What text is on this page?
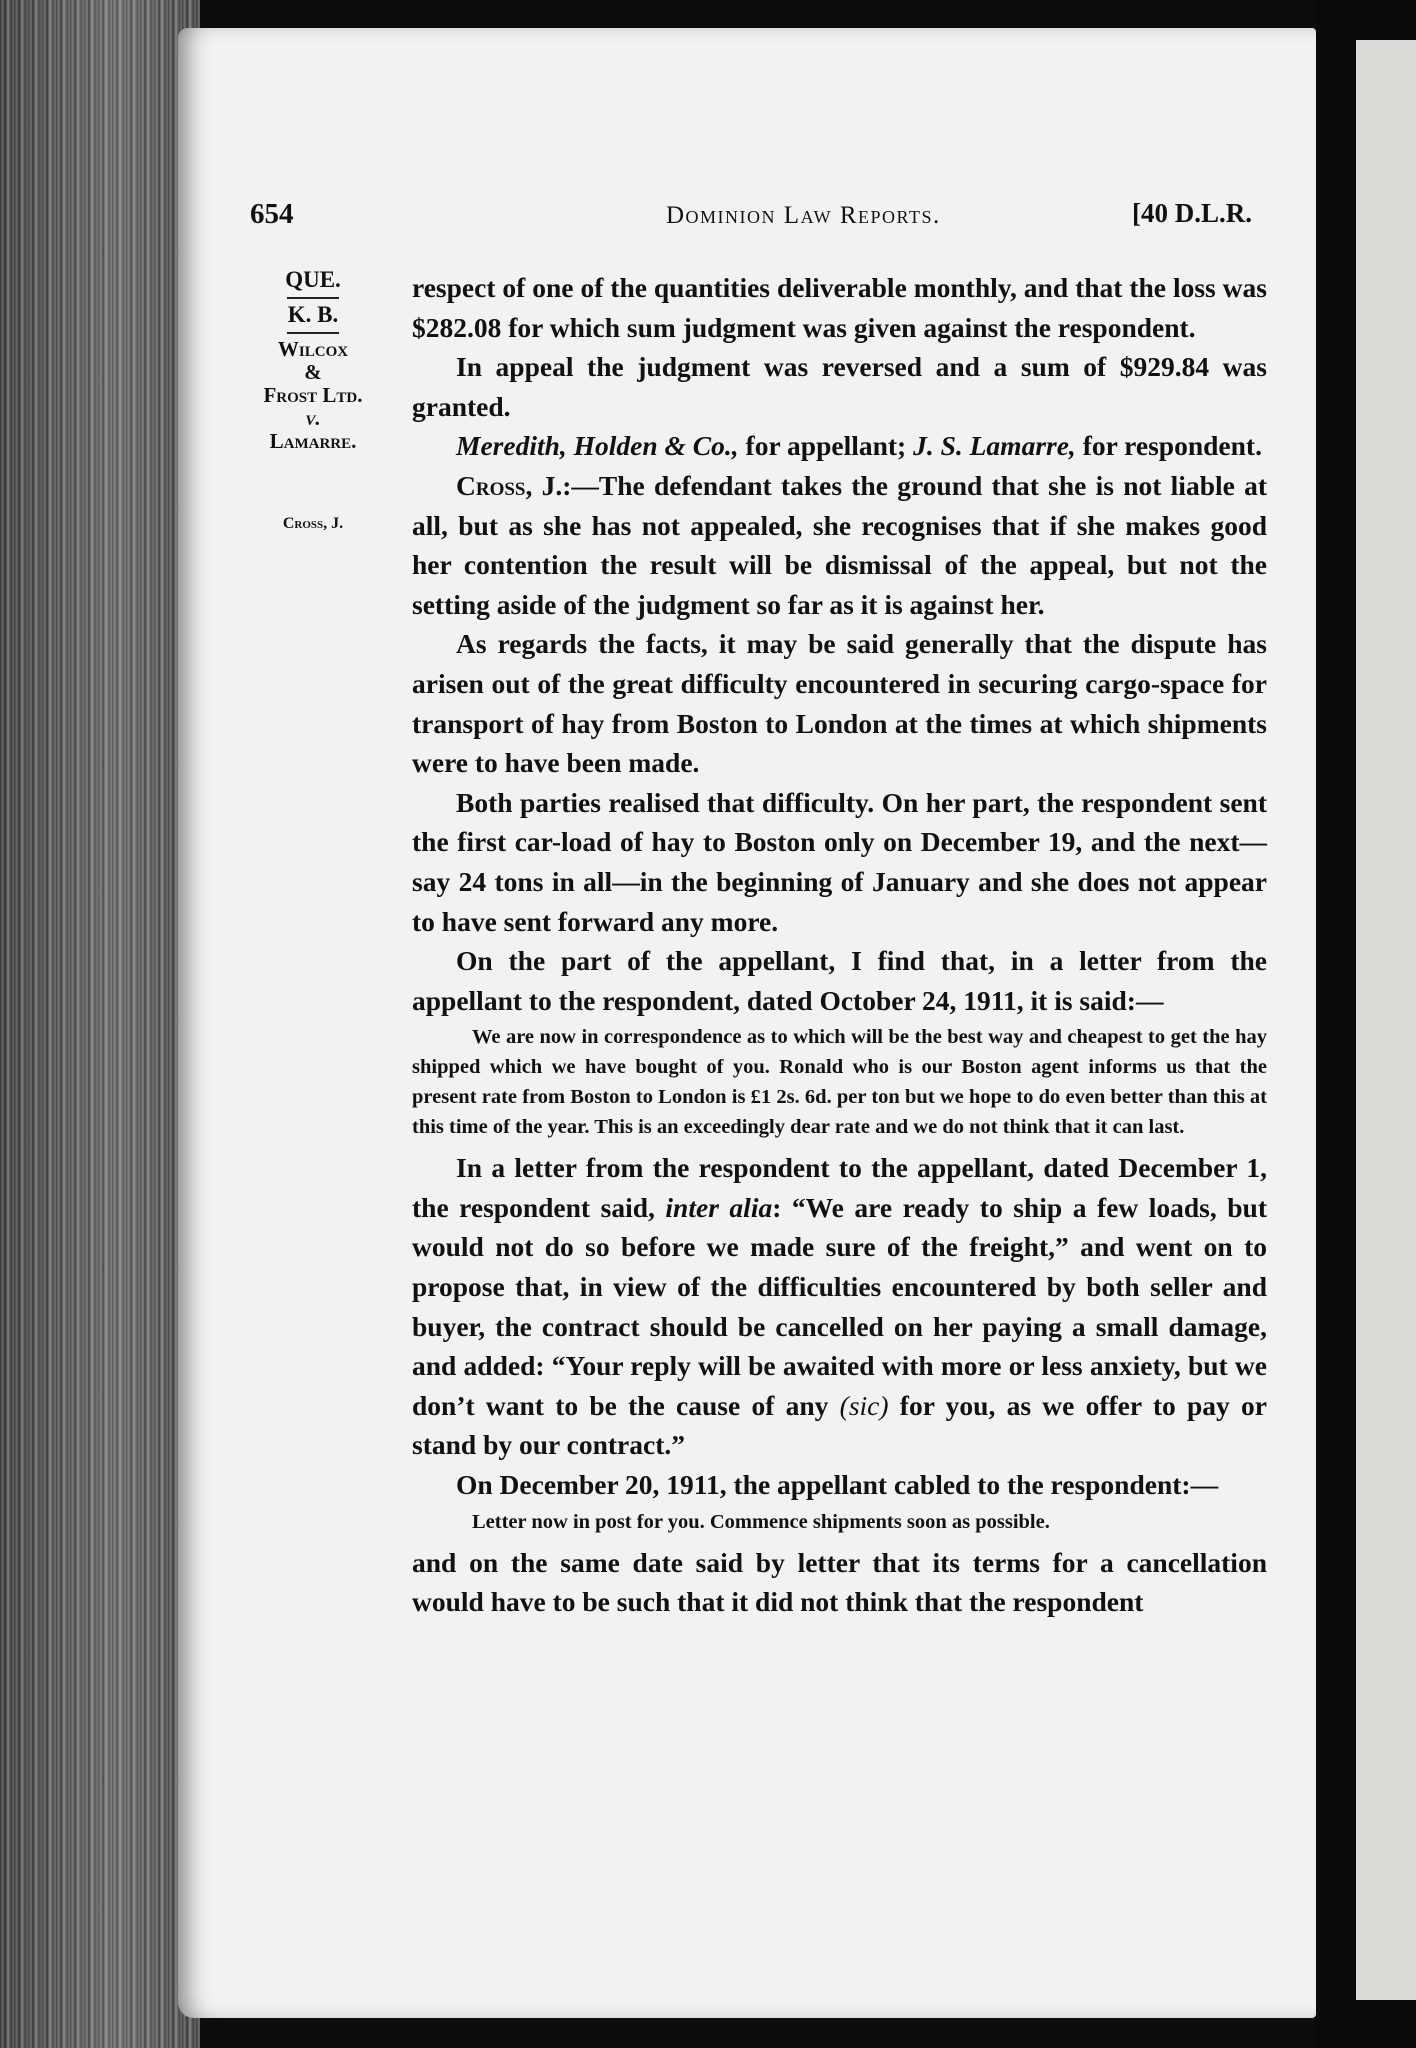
654	Dominion Law Reports.	[40 D.L.R.
QUE.
K. B.
Wilcox
&
Frost Ltd.
v.
Lamarre.
Cross, J.

respect of one of the quantities deliverable monthly, and that the loss was $282.08 for which sum judgment was given against the respondent.

In appeal the judgment was reversed and a sum of $929.84 was granted.

Meredith, Holden & Co., for appellant; J. S. Lamarre, for respondent.

Cross, J.:—The defendant takes the ground that she is not liable at all, but as she has not appealed, she recognises that if she makes good her contention the result will be dismissal of the appeal, but not the setting aside of the judgment so far as it is against her.

As regards the facts, it may be said generally that the dispute has arisen out of the great difficulty encountered in securing cargo-space for transport of hay from Boston to London at the times at which shipments were to have been made.

Both parties realised that difficulty. On her part, the respondent sent the first car-load of hay to Boston only on December 19, and the next—say 24 tons in all—in the beginning of January and she does not appear to have sent forward any more.

On the part of the appellant, I find that, in a letter from the appellant to the respondent, dated October 24, 1911, it is said:—

We are now in correspondence as to which will be the best way and cheapest to get the hay shipped which we have bought of you. Ronald who is our Boston agent informs us that the present rate from Boston to London is £1 2s. 6d. per ton but we hope to do even better than this at this time of the year. This is an exceedingly dear rate and we do not think that it can last.

In a letter from the respondent to the appellant, dated December 1, the respondent said, inter alia: “We are ready to ship a few loads, but would not do so before we made sure of the freight,” and went on to propose that, in view of the difficulties encountered by both seller and buyer, the contract should be cancelled on her paying a small damage, and added: “Your reply will be awaited with more or less anxiety, but we don’t want to be the cause of any (sic) for you, as we offer to pay or stand by our contract.”

On December 20, 1911, the appellant cabled to the respondent:—

Letter now in post for you. Commence shipments soon as possible.

and on the same date said by letter that its terms for a cancellation would have to be such that it did not think that the respondent
